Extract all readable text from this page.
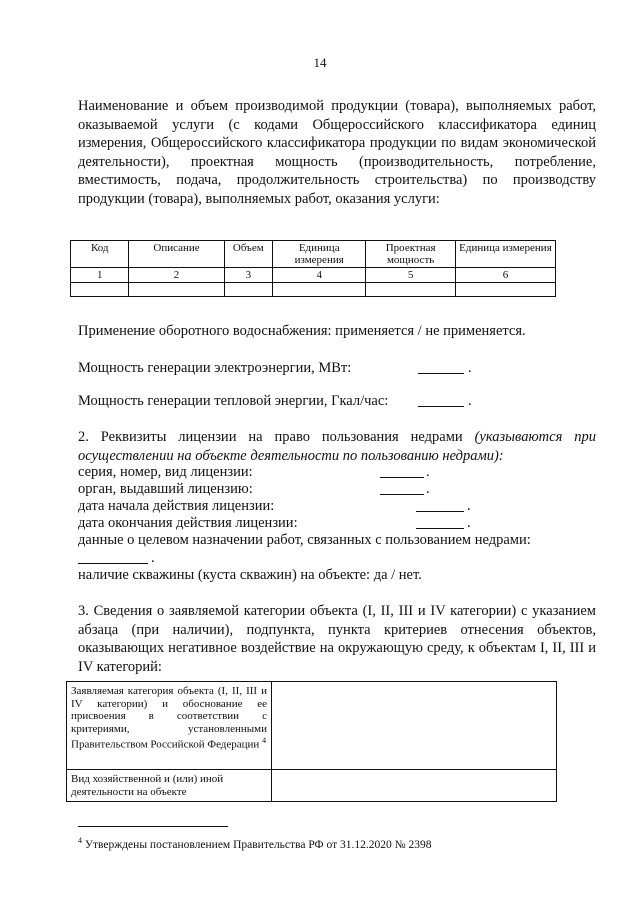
14
Наименование и объем производимой продукции (товара), выполняемых работ, оказываемой услуги (с кодами Общероссийского классификатора единиц измерения, Общероссийского классификатора продукции по видам экономической деятельности), проектная мощность (производительность, потребление, вместимость, подача, продолжительность строительства) по производству продукции (товара), выполняемых работ, оказания услуги:
Код	Описание	Объем	Единица измерения	Проектная мощность	Единица измерения
1	2	3	4	5	6

Применение оборотного водоснабжения: применяется / не применяется.
Мощность генерации электроэнергии, МВт:	.
Мощность генерации тепловой энергии, Гкал/час:	.
2. Реквизиты лицензии на право пользования недрами (указываются при осуществлении на объекте деятельности по пользованию недрами):
серия, номер, вид лицензии:	.
орган, выдавший лицензию:	.
дата начала действия лицензии:	.
дата окончания действия лицензии:	.
данные о целевом назначении работ, связанных с пользованием недрами:
.
наличие скважины (куста скважин) на объекте: да / нет.
3. Сведения о заявляемой категории объекта (I, II, III и IV категории) с указанием абзаца (при наличии), подпункта, пункта критериев отнесения объектов, оказывающих негативное воздействие на окружающую среду, к объектам I, II, III и IV категорий:
Заявляемая категория объекта (I, II, III и IV категории) и обоснование ее присвоения в соответствии с критериями, установленными Правительством Российской Федерации $^4$	
Вид хозяйственной и (или) иной деятельности на объекте	
$^4$ Утверждены постановлением Правительства РФ от 31.12.2020 № 2398
